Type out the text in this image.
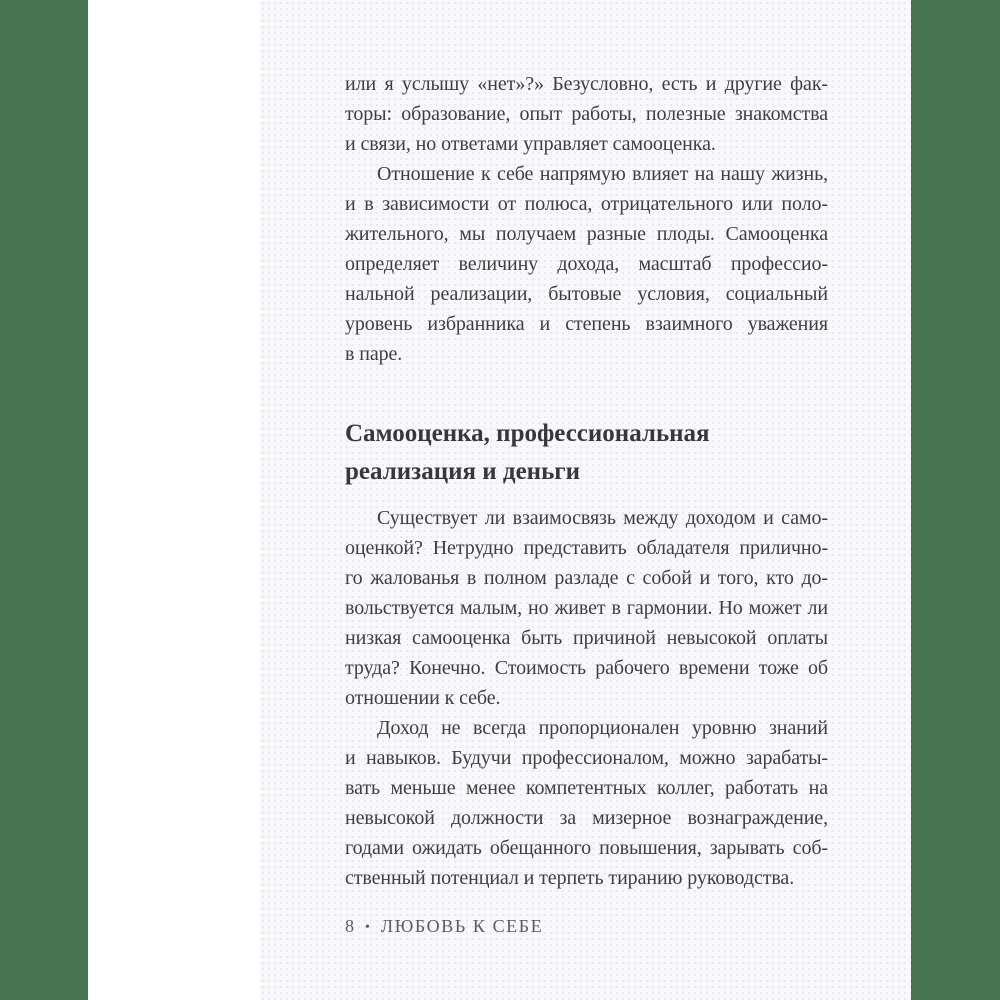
или я услышу «нет»?» Безусловно, есть и другие фак-
торы: образование, опыт работы, полезные знакомства
и связи, но ответами управляет самооценка.
Отношение к себе напрямую влияет на нашу жизнь,
и в зависимости от полюса, отрицательного или поло-
жительного, мы получаем разные плоды. Самооценка
определяет величину дохода, масштаб профессио-
нальной реализации, бытовые условия, социальный
уровень избранника и степень взаимного уважения
в паре.
Самооценка, профессиональная
реализация и деньги
Существует ли взаимосвязь между доходом и само-
оценкой? Нетрудно представить обладателя прилично-
го жалованья в полном разладе с собой и того, кто до-
вольствуется малым, но живет в гармонии. Но может ли
низкая самооценка быть причиной невысокой оплаты
труда? Конечно. Стоимость рабочего времени тоже об
отношении к себе.
Доход не всегда пропорционален уровню знаний
и навыков. Будучи профессионалом, можно зарабаты-
вать меньше менее компетентных коллег, работать на
невысокой должности за мизерное вознаграждение,
годами ожидать обещанного повышения, зарывать соб-
ственный потенциал и терпеть тиранию руководства.
8 • ЛЮБОВЬ К СЕБЕ
